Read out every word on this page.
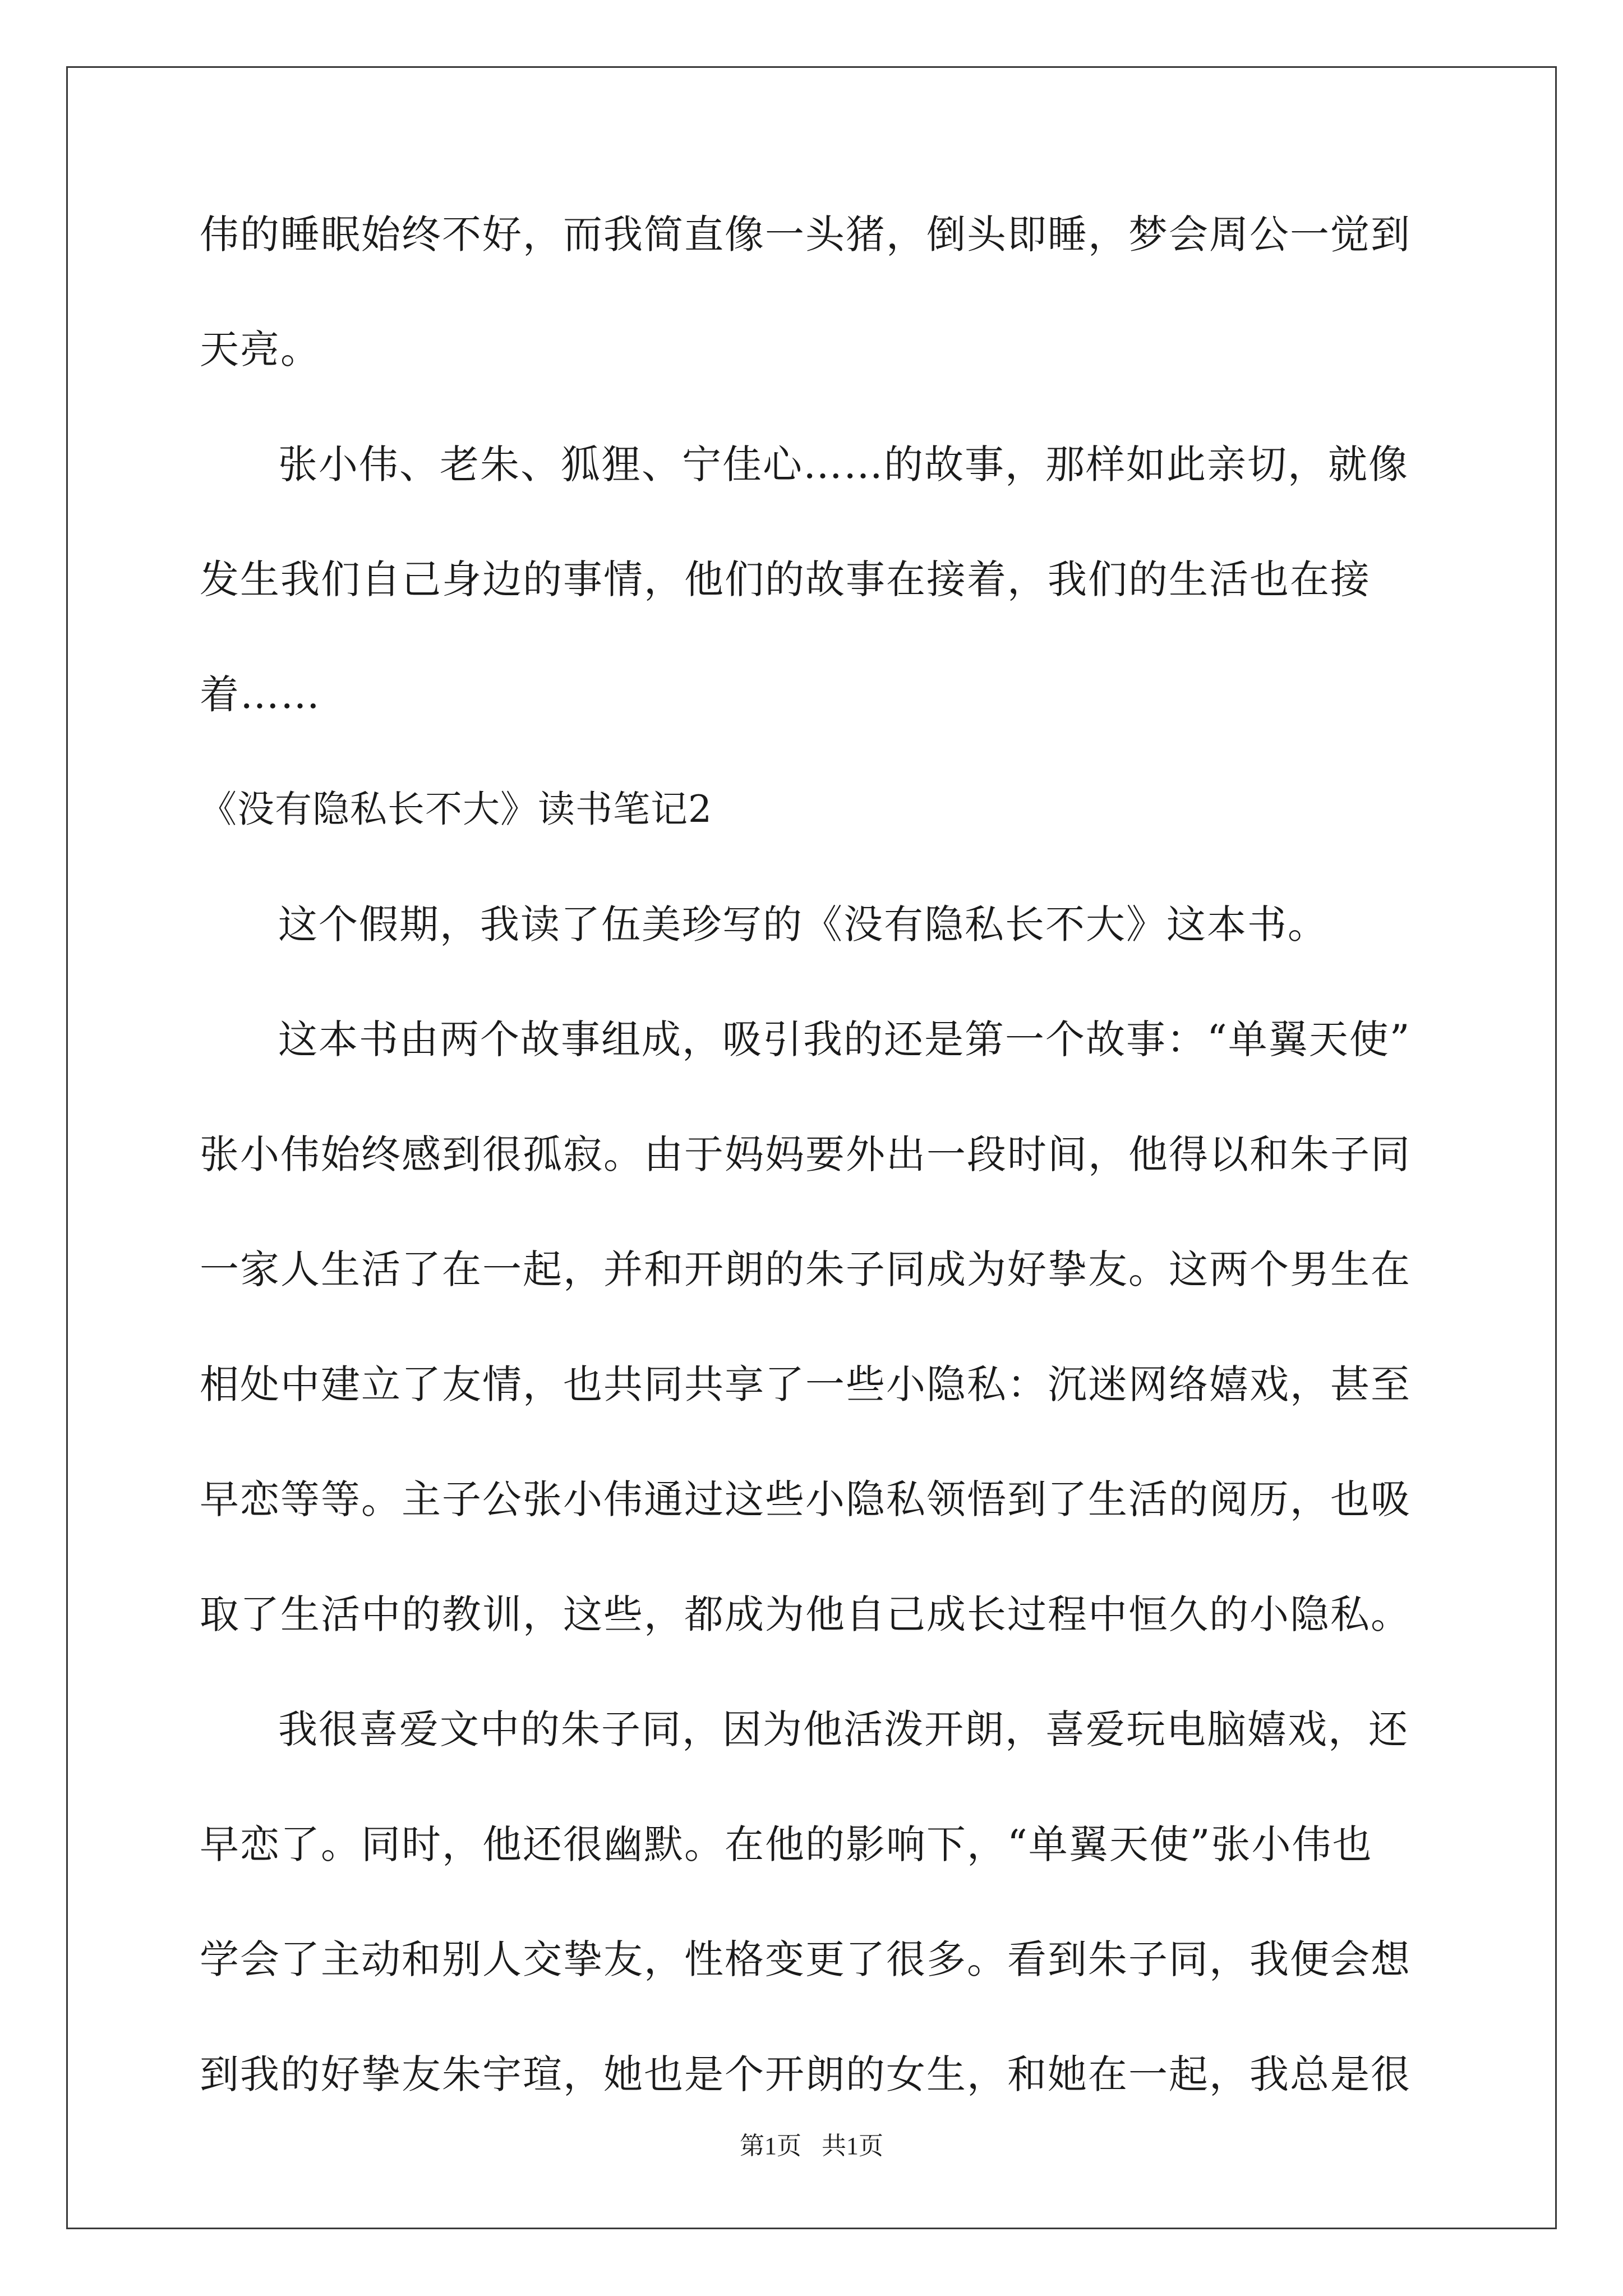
伟的睡眠始终不好，而我简直像一头猪，倒头即睡，梦会周公一觉到
天亮。
张小伟、老朱、狐狸、宁佳心……的故事，那样如此亲切，就像
发生我们自己身边的事情，他们的故事在接着，我们的生活也在接
着……
《没有隐私长不大》读书笔记2
这个假期，我读了伍美珍写的《没有隐私长不大》这本书。
这本书由两个故事组成，吸引我的还是第一个故事：“单翼天使”
张小伟始终感到很孤寂。由于妈妈要外出一段时间，他得以和朱子同
一家人生活了在一起，并和开朗的朱子同成为好挚友。这两个男生在
相处中建立了友情，也共同共享了一些小隐私：沉迷网络嬉戏，甚至
早恋等等。主子公张小伟通过这些小隐私领悟到了生活的阅历，也吸
取了生活中的教训，这些，都成为他自己成长过程中恒久的小隐私。
我很喜爱文中的朱子同，因为他活泼开朗，喜爱玩电脑嬉戏，还
早恋了。同时，他还很幽默。在他的影响下，“单翼天使”张小伟也
学会了主动和别人交挚友，性格变更了很多。看到朱子同，我便会想
到我的好挚友朱宇瑄，她也是个开朗的女生，和她在一起，我总是很
第1页 共1页
